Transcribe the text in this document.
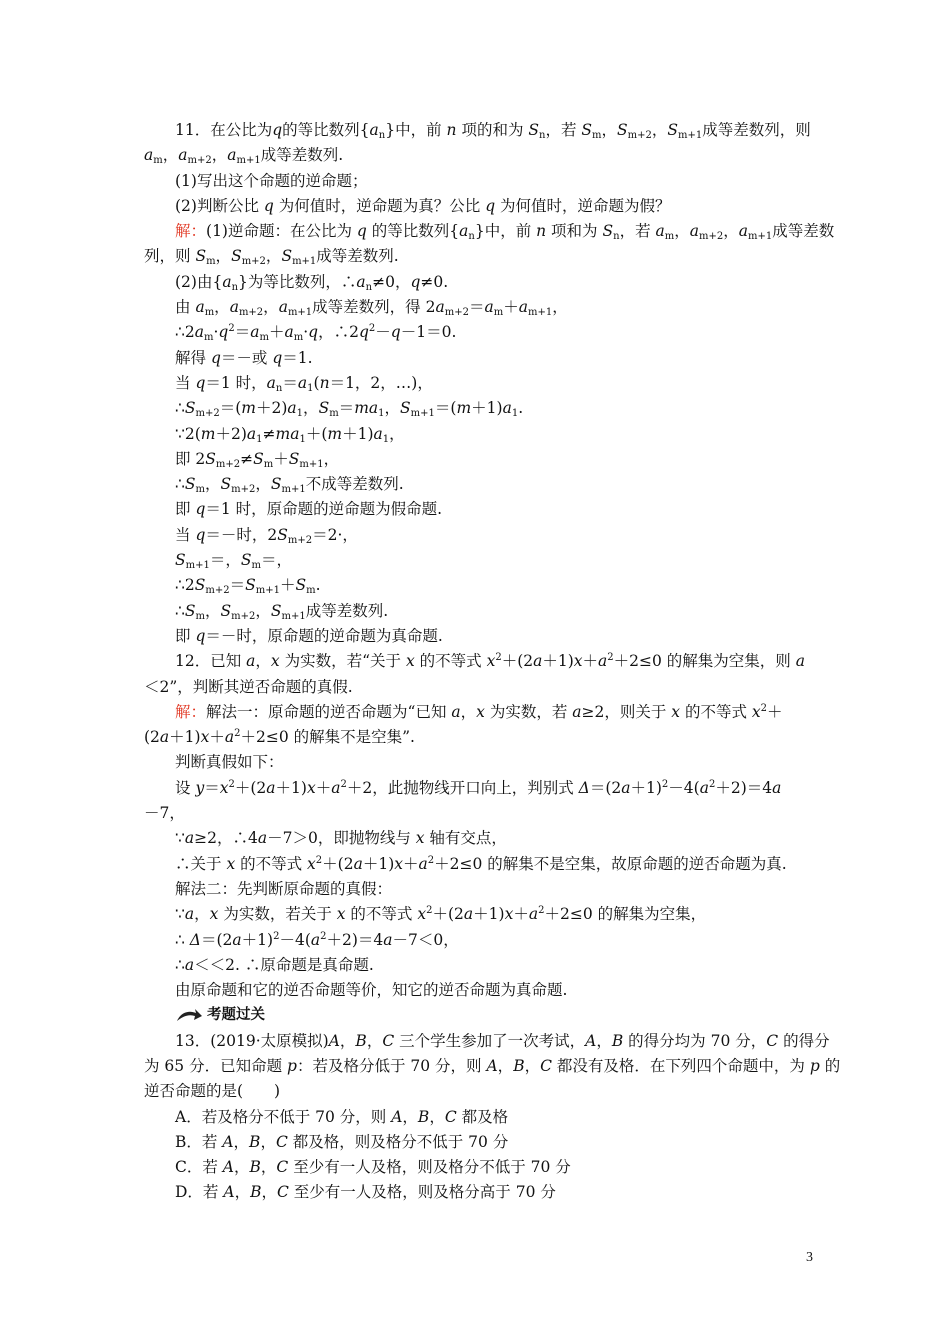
11．在公比为q的等比数列$\{a_n\}$中，前 n 项的和为 $S_n$，若 $S_m$，$S_{m+2}$，$S_{m+1}$成等差数列，则
$a_m$，$a_{m+2}$，$a_{m+1}$成等差数列.
(1)写出这个命题的逆命题；
(2)判断公比 q 为何值时，逆命题为真？公比 q 为何值时，逆命题为假？
解：(1)逆命题：在公比为 q 的等比数列$\{a_n\}$中，前 n 项和为 $S_n$，若 $a_m$，$a_{m+2}$，$a_{m+1}$成等差数
列，则 $S_m$，$S_{m+2}$，$S_{m+1}$成等差数列.
(2)由$\{a_n\}$为等比数列，$\therefore a_n\ne 0$，q≠0.
由 $a_m$，$a_{m+2}$，$a_{m+1}$成等差数列，得 $2a_{m+2}=a_m+a_{m+1}$，
$\therefore 2a_m\cdot q^2=a_m+a_m\cdot q$，$\therefore 2q^2-q-1=0$.
解得 q＝－或 q＝1.
当 q＝1 时，$a_n=a_1(n=1$，2，…)，
$\therefore S_{m+2}=(m+2)a_1$，$S_m=ma_1$，$S_{m+1}=(m+1)a_1$.
$\because 2(m+2)a_1\ne ma_1+(m+1)a_1$，
即 $2S_{m+2}\ne S_m+S_{m+1}$，
$\therefore S_m$，$S_{m+2}$，$S_{m+1}$不成等差数列.
即 q＝1 时，原命题的逆命题为假命题.
当 q＝－时，$2S_{m+2}=2\cdot$，
$S_{m+1}=$，$S_m=$，
$\therefore 2S_{m+2}=S_{m+1}+S_m$.
$\therefore S_m$，$S_{m+2}$，$S_{m+1}$成等差数列.
即 q＝－时，原命题的逆命题为真命题.
12．已知 a，x 为实数，若“关于 x 的不等式 $x^2+(2a+1)x+a^2+2\le 0$ 的解集为空集，则 a
＜2”，判断其逆否命题的真假.
解：解法一：原命题的逆否命题为“已知 a，x 为实数，若 a≥2，则关于 x 的不等式 $x^2+$
$(2a+1)x+a^2+2\le 0$ 的解集不是空集”.
判断真假如下：
设 $y=x^2+(2a+1)x+a^2+2$，此抛物线开口向上，判别式 $\Delta=(2a+1)^2-4(a^2+2)=4a$
－7，
∵a≥2，∴4a－7＞0，即抛物线与 x 轴有交点，
∴关于 x 的不等式 $x^2+(2a+1)x+a^2+2\le 0$ 的解集不是空集，故原命题的逆否命题为真.
解法二：先判断原命题的真假：
∵a，x 为实数，若关于 x 的不等式 $x^2+(2a+1)x+a^2+2\le 0$ 的解集为空集，
∴ $\Delta=(2a+1)^2-4(a^2+2)=4a-7<0$，
∴a＜＜2. ∴原命题是真命题.
由原命题和它的逆否命题等价，知它的逆否命题为真命题.
考题过关
13．(2019·太原模拟)A，B，C 三个学生参加了一次考试，A，B 的得分均为 70 分，C 的得分
为 65 分．已知命题 p：若及格分低于 70 分，则 A，B，C 都没有及格．在下列四个命题中，为 p 的
逆否命题的是(　　)
A．若及格分不低于 70 分，则 A，B，C 都及格
B．若 A，B，C 都及格，则及格分不低于 70 分
C．若 A，B，C 至少有一人及格，则及格分不低于 70 分
D．若 A，B，C 至少有一人及格，则及格分高于 70 分
3
